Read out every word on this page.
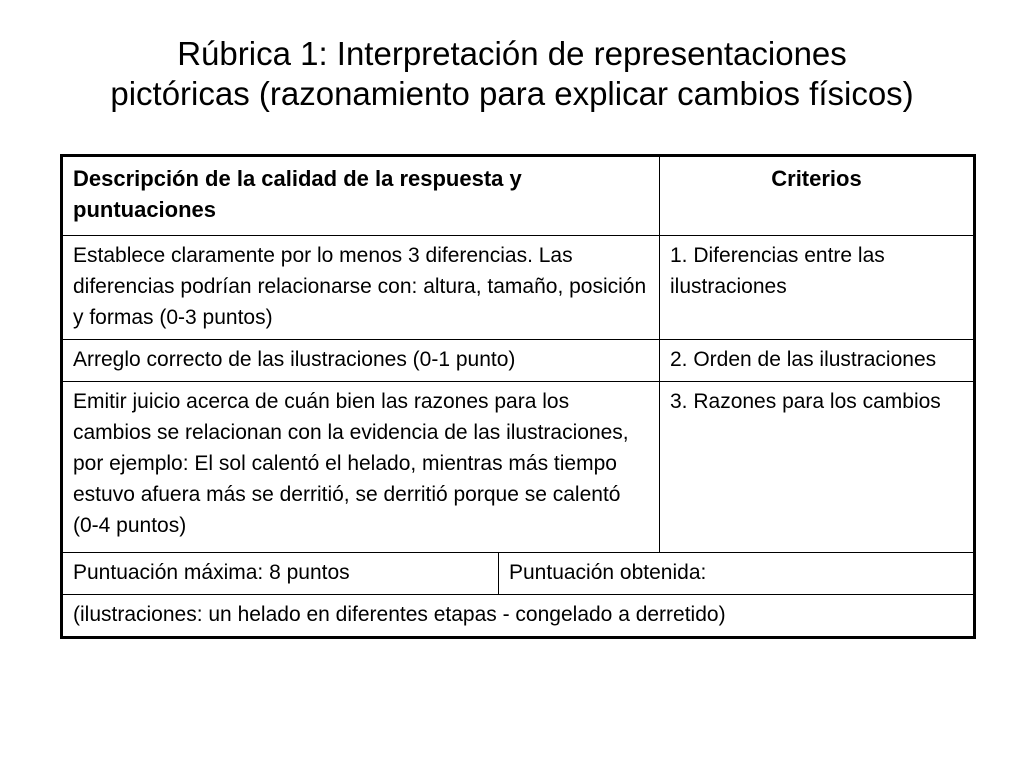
Rúbrica 1: Interpretación de representaciones
pictóricas (razonamiento para explicar cambios físicos)
Descripción de la calidad de la respuesta y puntuaciones		Criterios
Establece claramente por lo menos 3 diferencias. Las diferencias podrían relacionarse con: altura, tamaño, posición y formas (0-3 puntos)		1. Diferencias entre las ilustraciones
Arreglo correcto de las ilustraciones (0-1 punto)		2. Orden de las ilustraciones
Emitir juicio acerca de cuán bien las razones para los cambios se relacionan con la evidencia de las ilustraciones, por ejemplo: El sol calentó el helado, mientras más tiempo estuvo afuera más se derritió, se derritió porque se calentó (0-4 puntos)		3. Razones para los cambios
Puntuación máxima: 8 puntos	Puntuación obtenida:	
(ilustraciones: un helado en diferentes etapas - congelado a derretido)		
